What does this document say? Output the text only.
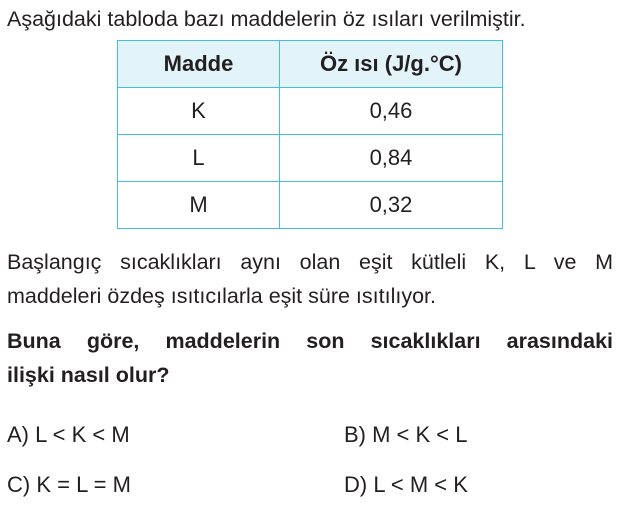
Aşağıdaki tabloda bazı maddelerin öz ısıları verilmiştir.
Madde	Öz ısı (J/g.°C)
K	0,46
L	0,84
M	0,32
Başlangıç sıcaklıkları aynı olan eşit kütleli K, L ve M
maddeleri özdeş ısıtıcılarla eşit süre ısıtılıyor.
Buna göre, maddelerin son sıcaklıkları arasındaki
ilişki nasıl olur?
A) L < K < M	B) M < K < L
C) K = L = M	D) L < M < K
